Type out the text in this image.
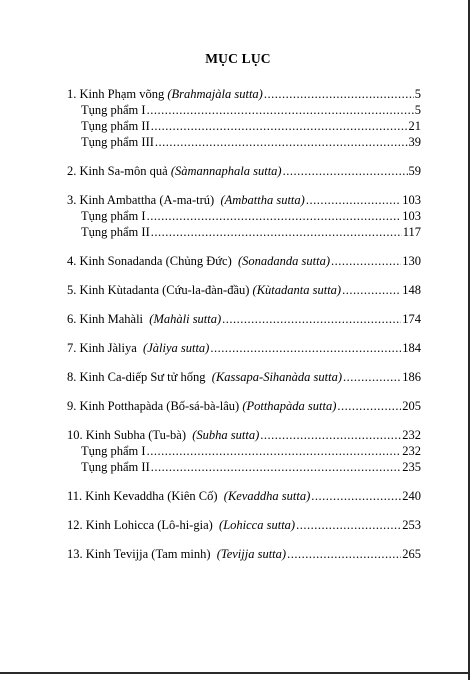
MỤC LỤC
1. Kinh Phạm võng (Brahmajàla sutta) .....	5
Tụng phẩm I .....	5
Tụng phẩm II .....	21
Tụng phẩm III .....	39
2. Kinh Sa-môn quả (Sàmannaphala sutta) .....	59
3. Kinh Ambattha (A-ma-trú)  (Ambattha sutta) .....	103
Tụng phẩm I .....	103
Tụng phẩm II .....	117
4. Kinh Sonadanda (Chủng Đức)  (Sonadanda sutta) .....	130
5. Kinh Kùtadanta (Cứu-la-đàn-đầu) (Kùtadanta sutta) .....	148
6. Kinh Mahàli  (Mahàli sutta) .....	174
7. Kinh Jàliya  (Jàliya sutta) .....	184
8. Kinh Ca-diếp Sư tử hống  (Kassapa-Sihanàda sutta) .....	186
9. Kinh Potthapàda (Bố-sá-bà-lâu) (Potthapàda sutta) .....	205
10. Kinh Subha (Tu-bà)  (Subha sutta) .....	232
Tụng phẩm I .....	232
Tụng phẩm II .....	235
11. Kinh Kevaddha (Kiên Cố)  (Kevaddha sutta) .....	240
12. Kinh Lohicca (Lô-hi-gia)  (Lohicca sutta) .....	253
13. Kinh Tevijja (Tam minh)  (Tevijja sutta) .....	265
